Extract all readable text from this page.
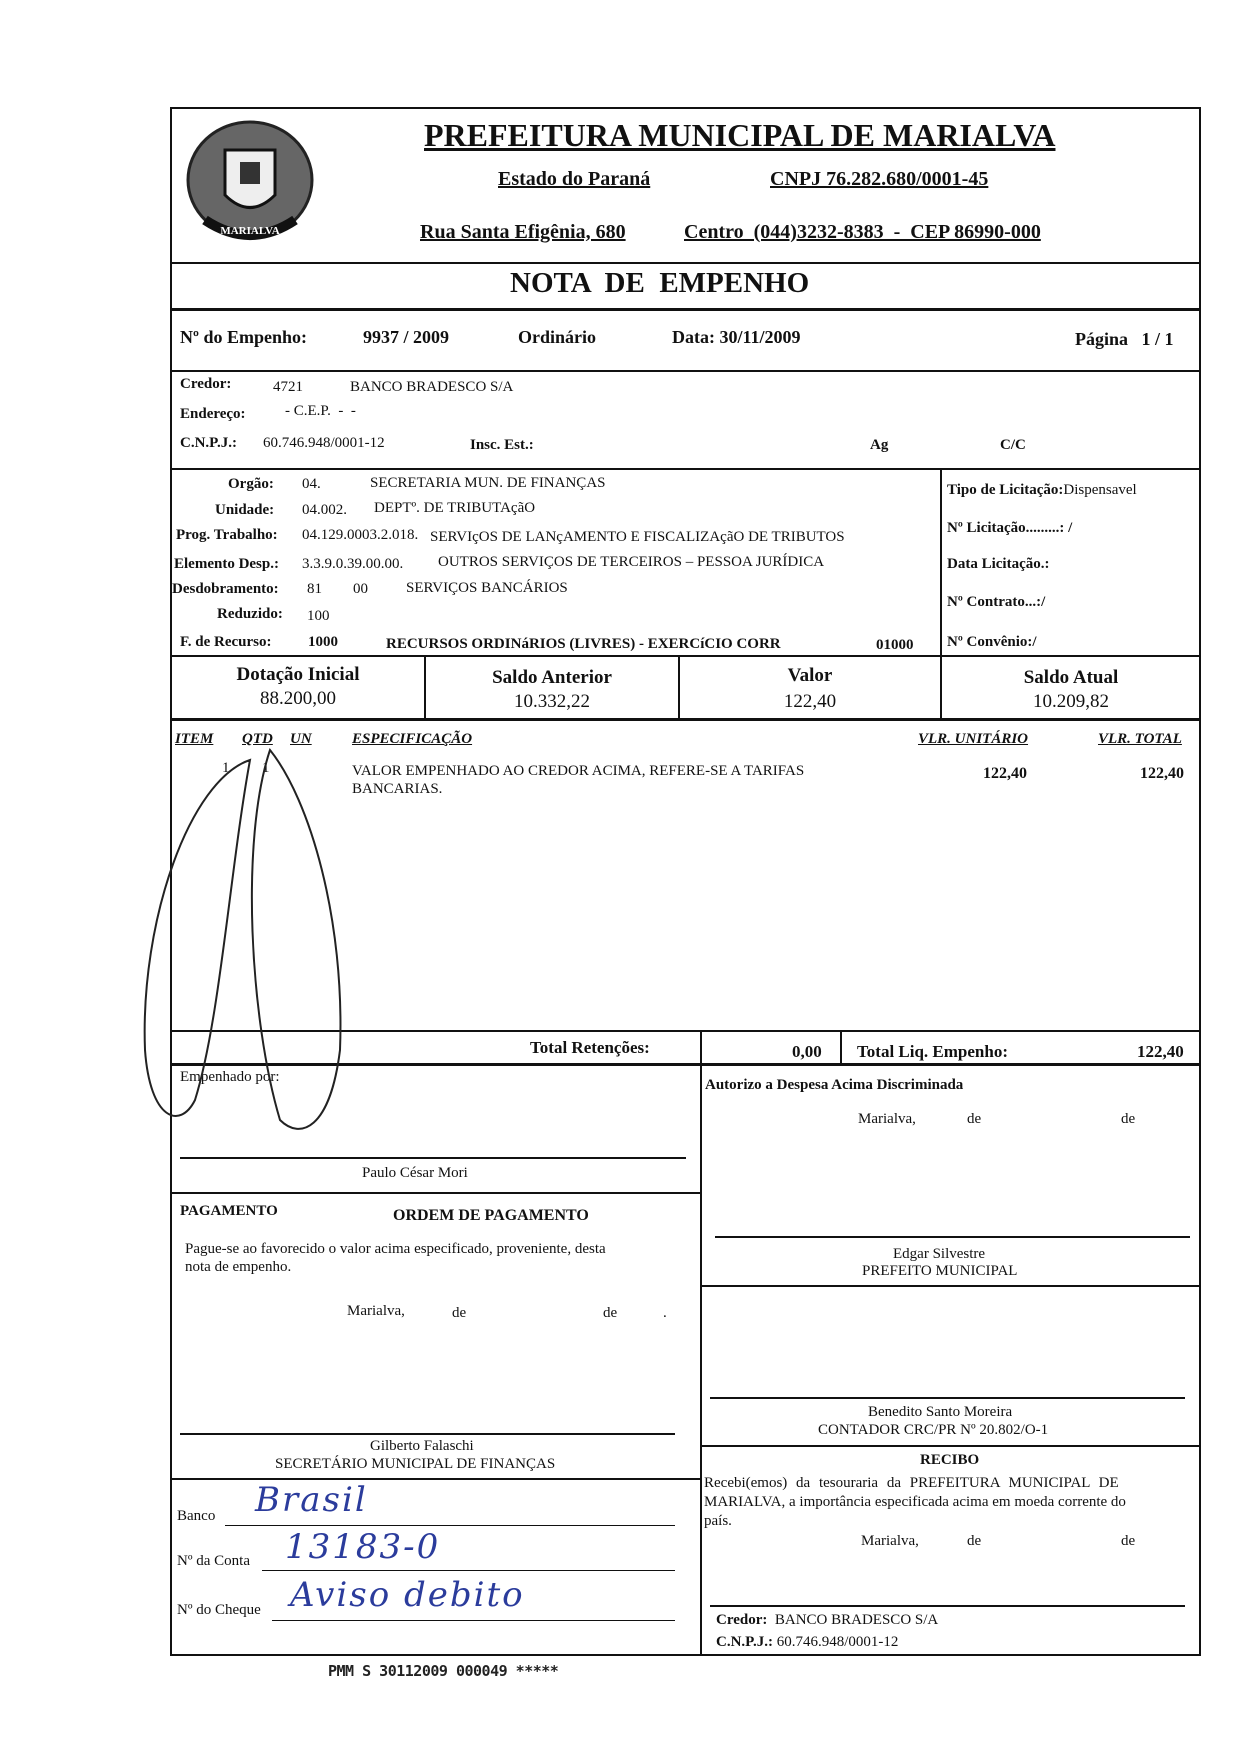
MARIALVA
PREFEITURA MUNICIPAL DE MARIALVA
Estado do Paraná	CNPJ 76.282.680/0001-45
Rua Santa Efigênia, 680	Centro  (044)3232-8383  -  CEP 86990-000
NOTA  DE  EMPENHO
Nº do Empenho:	9937 / 2009	Ordinário	Data: 30/11/2009	Página   1 / 1
Credor:	4721	BANCO BRADESCO S/A
Endereço:	- C.E.P.  -  -
C.N.P.J.: 60.746.948/0001-12	Insc. Est.:	Ag	C/C
Orgão: 04.	SECRETARIA MUN. DE FINANÇAS
Unidade: 04.002. DEPTº. DE TRIBUTAçãO
Prog. Trabalho: 04.129.0003.2.018. SERVIçOS DE LANçAMENTO E FISCALIZAçãO DE TRIBUTOS
Elemento Desp.: 3.3.9.0.39.00.00. OUTROS SERVIÇOS DE TERCEIROS – PESSOA JURÍDICA
Desdobramento: 81 00	SERVIÇOS BANCÁRIOS
Reduzido: 100
F. de Recurso: 1000	RECURSOS ORDINáRIOS (LIVRES) - EXERCíCIO CORR	01000
Tipo de Licitação:Dispensavel
Nº Licitação.........: /
Data Licitação.:
Nº Contrato...:/
Nº Convênio:/
Dotação Inicial
88.200,00
Saldo Anterior
10.332,22
Valor
122,40
Saldo Atual
10.209,82
ITEM QTD UN	ESPECIFICAÇÃO	VLR. UNITÁRIO	VLR. TOTAL
1 1	VALOR EMPENHADO AO CREDOR ACIMA, REFERE-SE A TARIFAS
BANCARIAS.
122,40	122,40
Total Retenções:	0,00 Total Liq. Empenho:	122,40
Empenhado por:
Paulo César Mori
PAGAMENTO	ORDEM DE PAGAMENTO
Pague-se ao favorecido o valor acima especificado, proveniente, desta
nota de empenho.
Marialva,	de	de	.
Gilberto Falaschi
SECRETÁRIO MUNICIPAL DE FINANÇAS
Banco Brasil
Nº da Conta 13183-0
Nº do Cheque Aviso debito
Autorizo a Despesa Acima Discriminada
Marialva,	de	de
Edgar Silvestre
PREFEITO MUNICIPAL
Benedito Santo Moreira
CONTADOR CRC/PR Nº 20.802/O-1
RECIBO
Recebi(emos) da tesouraria da PREFEITURA MUNICIPAL DE
MARIALVA, a importância especificada acima em moeda corrente do
país.
Marialva,	de	de
Credor: BANCO BRADESCO S/A
C.N.P.J.: 60.746.948/0001-12
PMM S 30112009 000049 *****
